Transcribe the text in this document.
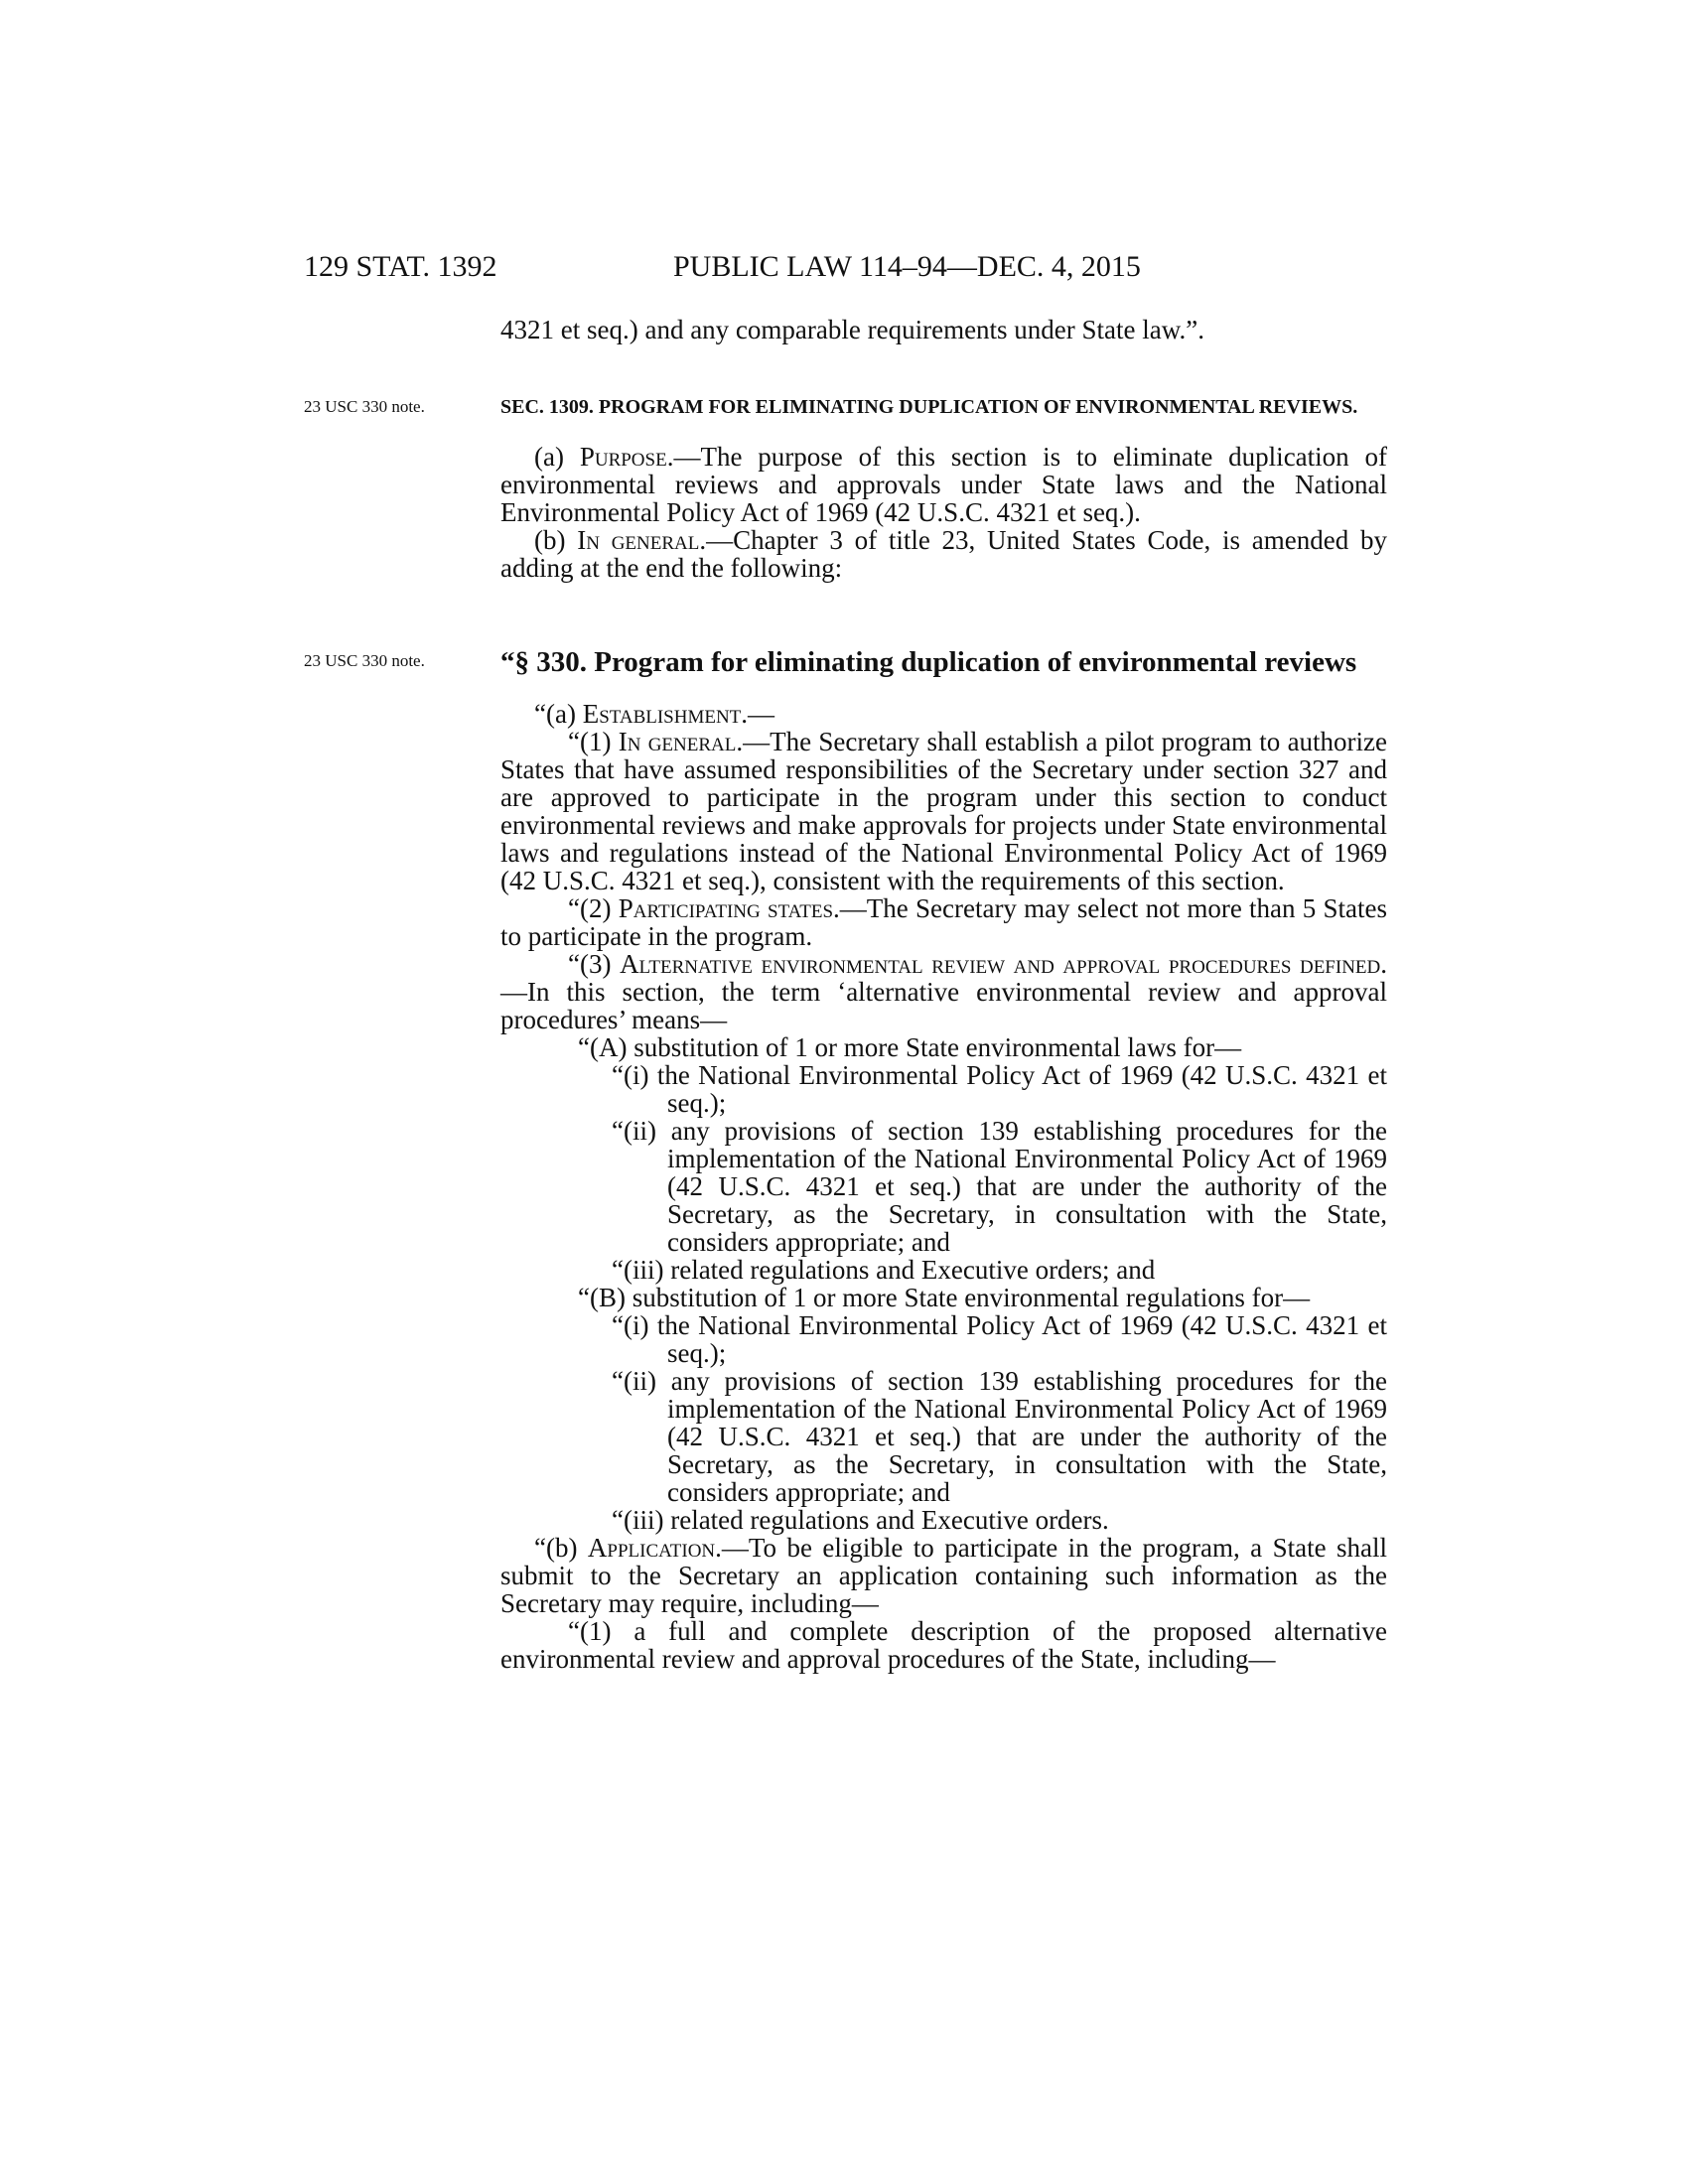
129 STAT. 1392	PUBLIC LAW 114–94—DEC. 4, 2015
23 USC 330 note.
23 USC 330 note.

4321 et seq.) and any comparable requirements under State law.”.

SEC. 1309. PROGRAM FOR ELIMINATING DUPLICATION OF ENVIRONMENTAL REVIEWS.

(a) Purpose.—The purpose of this section is to eliminate duplication of environmental reviews and approvals under State laws and the National Environmental Policy Act of 1969 (42 U.S.C. 4321 et seq.).

(b) In general.—Chapter 3 of title 23, United States Code, is amended by adding at the end the following:

“§ 330. Program for eliminating duplication of environmental reviews

“(a) Establishment.—

“(1) In general.—The Secretary shall establish a pilot program to authorize States that have assumed responsibilities of the Secretary under section 327 and are approved to participate in the program under this section to conduct environmental reviews and make approvals for projects under State environmental laws and regulations instead of the National Environmental Policy Act of 1969 (42 U.S.C. 4321 et seq.), consistent with the requirements of this section.

“(2) Participating states.—The Secretary may select not more than 5 States to participate in the program.

“(3) Alternative environmental review and approval procedures defined.—In this section, the term ‘alternative environmental review and approval procedures’ means—

“(A) substitution of 1 or more State environmental laws for—

“(i) the National Environmental Policy Act of 1969 (42 U.S.C. 4321 et seq.);

“(ii) any provisions of section 139 establishing procedures for the implementation of the National Environmental Policy Act of 1969 (42 U.S.C. 4321 et seq.) that are under the authority of the Secretary, as the Secretary, in consultation with the State, considers appropriate; and

“(iii) related regulations and Executive orders; and

“(B) substitution of 1 or more State environmental regulations for—

“(i) the National Environmental Policy Act of 1969 (42 U.S.C. 4321 et seq.);

“(ii) any provisions of section 139 establishing procedures for the implementation of the National Environmental Policy Act of 1969 (42 U.S.C. 4321 et seq.) that are under the authority of the Secretary, as the Secretary, in consultation with the State, considers appropriate; and

“(iii) related regulations and Executive orders.

“(b) Application.—To be eligible to participate in the program, a State shall submit to the Secretary an application containing such information as the Secretary may require, including—

“(1) a full and complete description of the proposed alternative environmental review and approval procedures of the State, including—
